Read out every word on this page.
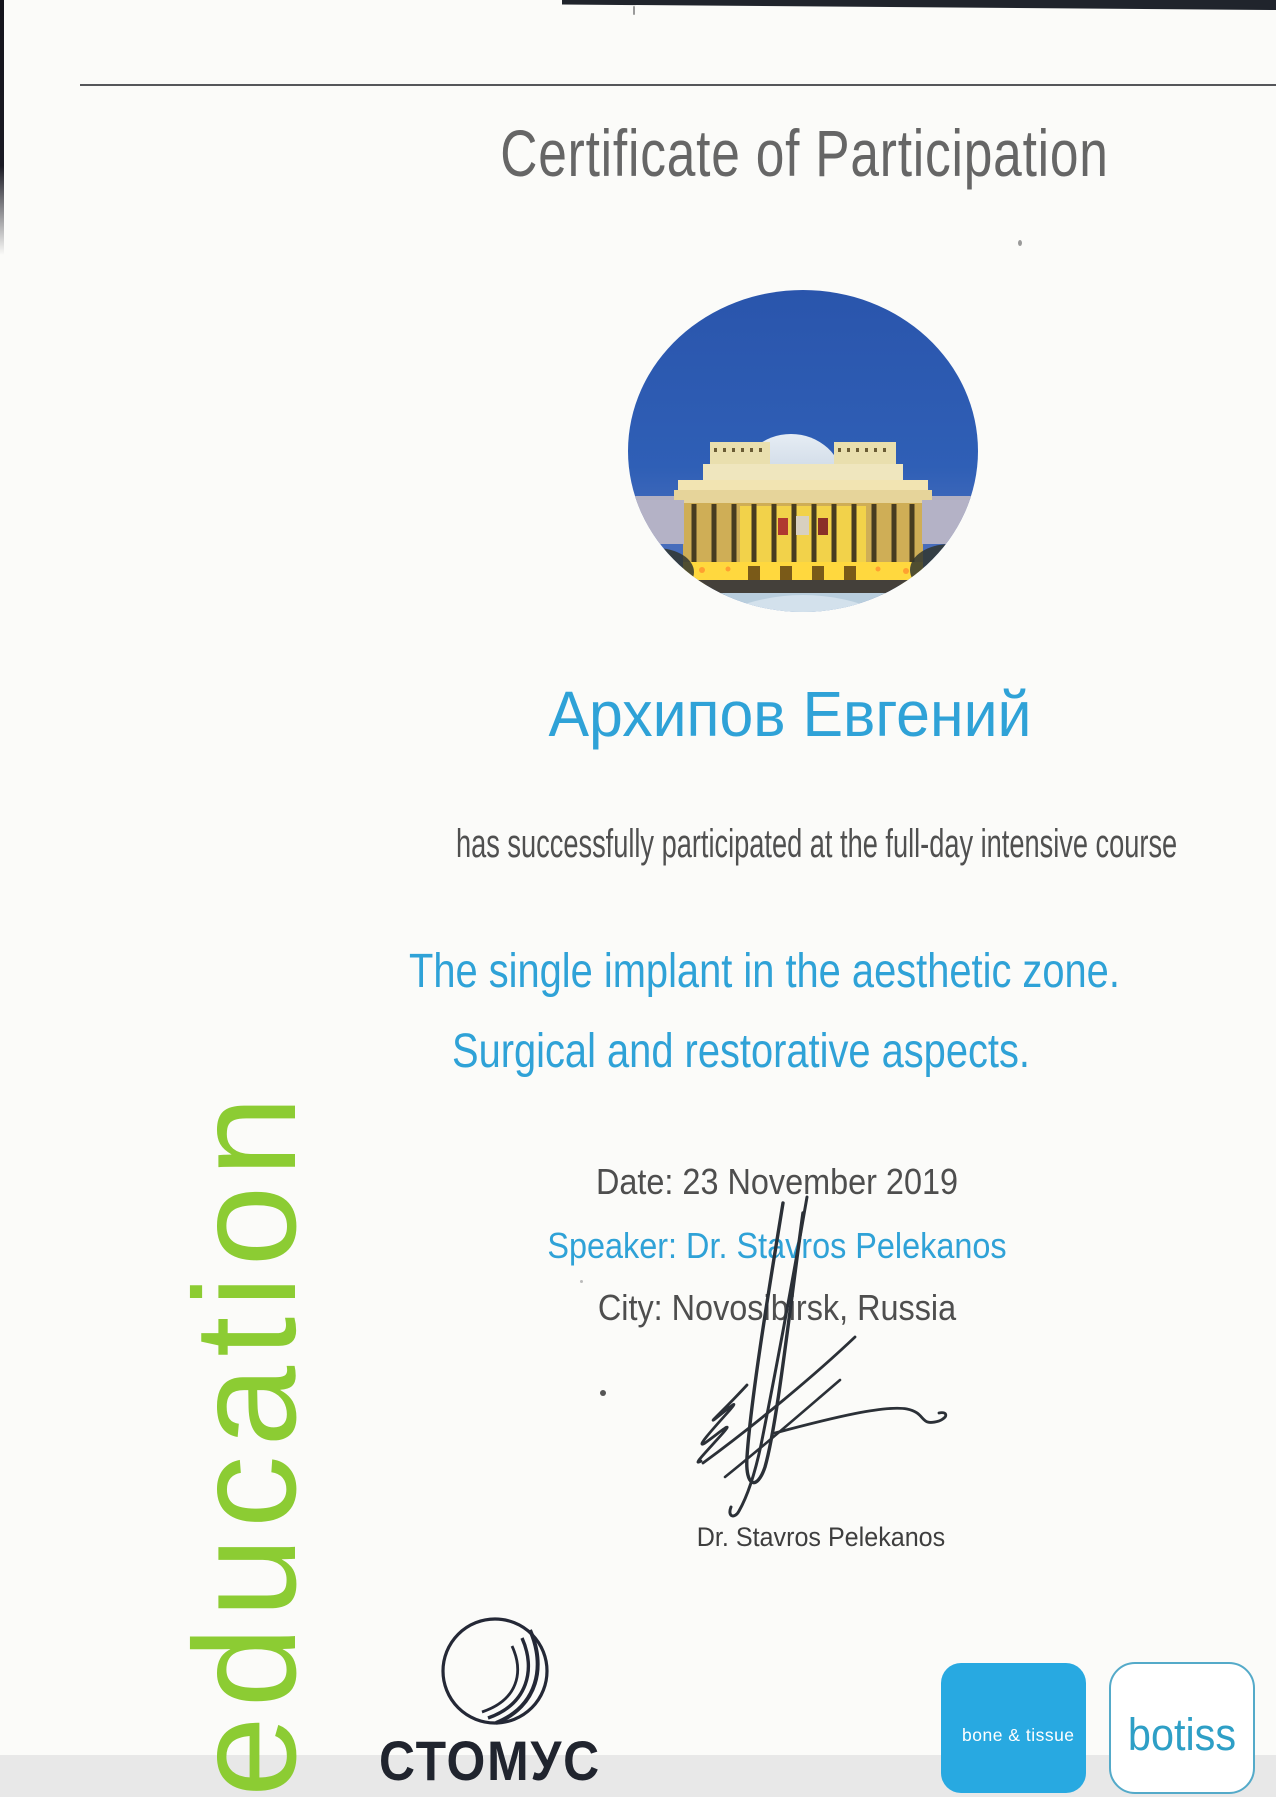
Certificate of Participation
Архипов Евгений
has successfully participated at the full-day intensive course
The single implant in the aesthetic zone.
Surgical and restorative aspects.
Date: 23 November 2019
Speaker: Dr. Stavros Pelekanos
City: Novosibirsk, Russia
Dr. Stavros Pelekanos
education СТОМУС	bone & tissue botiss
